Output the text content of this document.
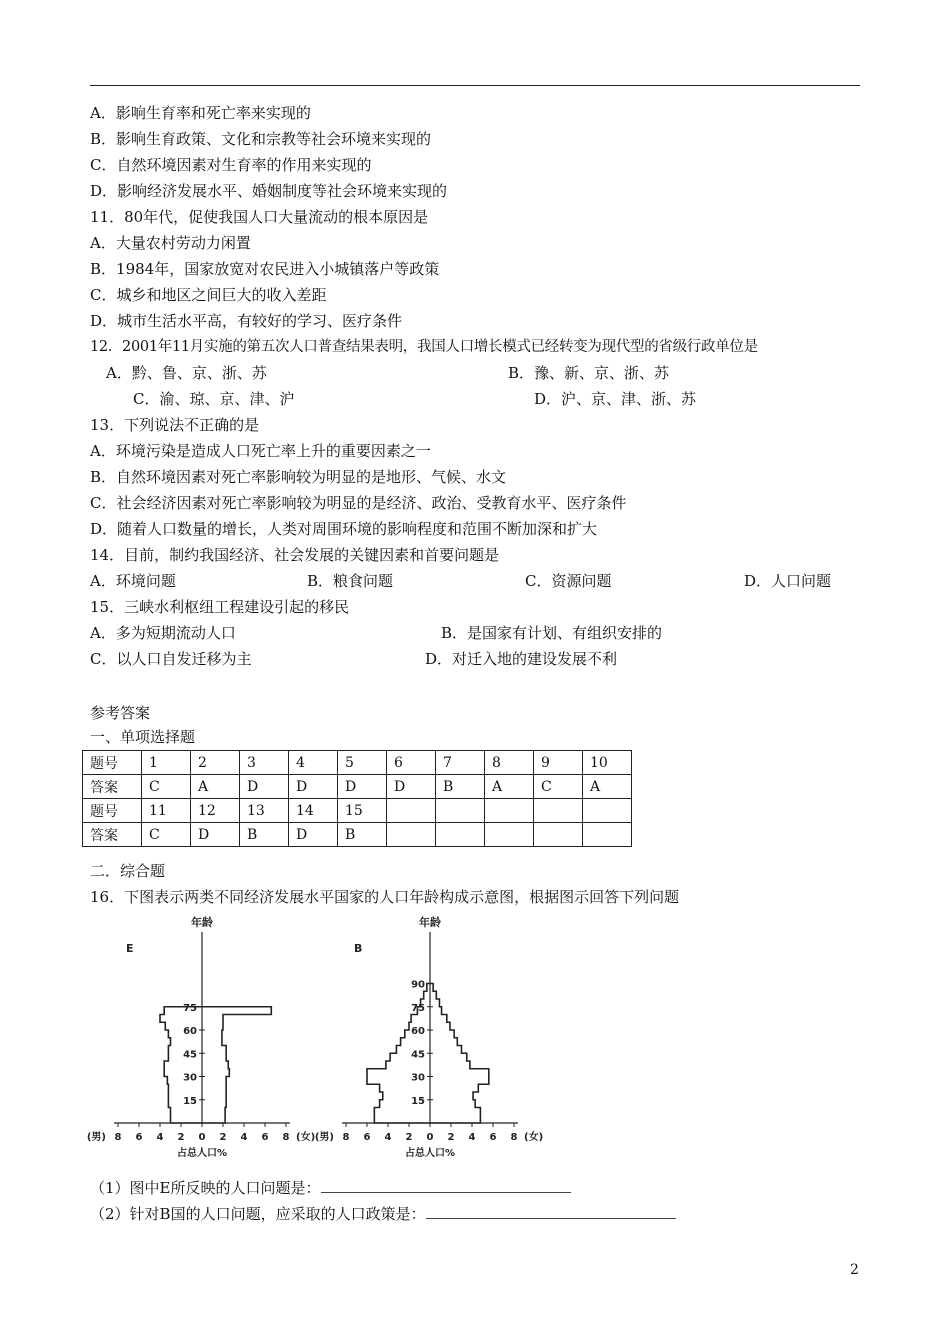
A．影响生育率和死亡率来实现的
B．影响生育政策、文化和宗教等社会环境来实现的
C．自然环境因素对生育率的作用来实现的
D．影响经济发展水平、婚姻制度等社会环境来实现的
11．80年代，促使我国人口大量流动的根本原因是
A．大量农村劳动力闲置
B．1984年，国家放宽对农民进入小城镇落户等政策
C．城乡和地区之间巨大的收入差距
D．城市生活水平高，有较好的学习、医疗条件
12．2001年11月实施的第五次人口普查结果表明，我国人口增长模式已经转变为现代型的省级行政单位是
A．黔、鲁、京、浙、苏	B．豫、新、京、浙、苏
C．渝、琼、京、津、沪	D．沪、京、津、浙、苏
13．下列说法不正确的是
A．环境污染是造成人口死亡率上升的重要因素之一
B．自然环境因素对死亡率影响较为明显的是地形、气候、水文
C．社会经济因素对死亡率影响较为明显的是经济、政治、受教育水平、医疗条件
D．随着人口数量的增长，人类对周围环境的影响程度和范围不断加深和扩大
14．目前，制约我国经济、社会发展的关键因素和首要问题是
A．环境问题	B．粮食问题	C．资源问题	D．人口问题
15．三峡水利枢纽工程建设引起的移民
A．多为短期流动人口	B．是国家有计划、有组织安排的
C．以人口自发迁移为主	D．对迁入地的建设发展不利
参考答案
一、单项选择题
题号	1	2	3	4	5	6	7	8	9	10
答案	C	A	D	D	D	D	B	A	C	A
题号	11	12	13	14	15					
答案	C	D	B	D	B					
二．综合题
16．下图表示两类不同经济发展水平国家的人口年龄构成示意图，根据图示回答下列问题
E
年龄
8 6 4 2 0 2 4 6 8
(男)	(女)
占总人口%
15
30
45
60
75
B
年龄
8 6 4 2 0 2 4 6 8
(男)	(女)
占总人口%
15
30
45
60
75
90
（1）图中E所反映的人口问题是：
（2）针对B国的人口问题，应采取的人口政策是：
2
